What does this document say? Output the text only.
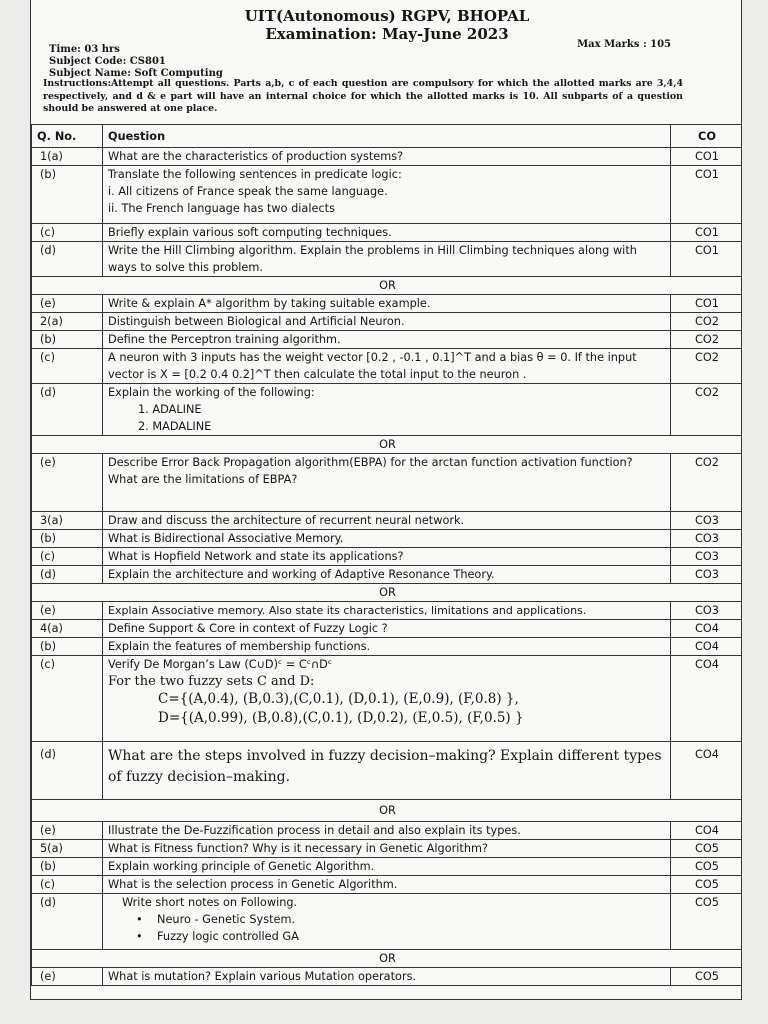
UIT(Autonomous) RGPV, BHOPAL
Examination: May-June 2023
Max Marks : 105
Time: 03 hrs
Subject Code: CS801
Subject Name: Soft Computing
Instructions:Attempt all questions. Parts a,b, c of each question are compulsory for which the allotted marks are 3,4,4 respectively, and d & e part will have an internal choice for which the allotted marks is 10. All subparts of a question should be answered at one place.
Q. No.	Question	CO
1(a)	What are the characteristics of production systems?	CO1
(b)	Translate the following sentences in predicate logic:
i. All citizens of France speak the same language.
ii. The French language has two dialects	CO1
(c)	Briefly explain various soft computing techniques.	CO1
(d)	Write the Hill Climbing algorithm. Explain the problems in Hill Climbing techniques along with ways to solve this problem.	CO1
OR		
(e)	Write & explain A* algorithm by taking suitable example.	CO1
2(a)	Distinguish between Biological and Artificial Neuron.	CO2
(b)	Define the Perceptron training algorithm.	CO2
(c)	A neuron with 3 inputs has the weight vector [0.2 , -0.1 , 0.1]^T and a bias θ = 0. If the input vector is X = [0.2 0.4 0.2]^T then calculate the total input to the neuron .	CO2
(d)	Explain the working of the following:
1. ADALINE
2. MADALINE	CO2
OR		
(e)	Describe Error Back Propagation algorithm(EBPA) for the arctan function activation function? What are the limitations of EBPA?	CO2
3(a)	Draw and discuss the architecture of recurrent neural network.	CO3
(b)	What is Bidirectional Associative Memory.	CO3
(c)	What is Hopfield Network and state its applications?	CO3
(d)	Explain the architecture and working of Adaptive Resonance Theory.	CO3
OR		
(e)	Explain Associative memory. Also state its characteristics, limitations and applications.	CO3
4(a)	Define Support & Core in context of Fuzzy Logic ?	CO4
(b)	Explain the features of membership functions.	CO4
(c)	Verify De Morgan’s Law (C∪D)ᶜ = Cᶜ∩Dᶜ
For the two fuzzy sets C and D:
C={(A,0.4), (B,0.3),(C,0.1), (D,0.1), (E,0.9), (F,0.8) },
D={(A,0.99), (B,0.8),(C,0.1), (D,0.2), (E,0.5), (F,0.5) }	CO4
(d)	What are the steps involved in fuzzy decision–making? Explain different types of fuzzy decision–making.	CO4
OR		
(e)	Illustrate the De-Fuzzification process in detail and also explain its types.	CO4
5(a)	What is Fitness function? Why is it necessary in Genetic Algorithm?	CO5
(b)	Explain working principle of Genetic Algorithm.	CO5
(c)	What is the selection process in Genetic Algorithm.	CO5
(d)	Write short notes on Following.
•    Neuro - Genetic System.
•    Fuzzy logic controlled GA	CO5
OR		
(e)	What is mutation? Explain various Mutation operators.	CO5
